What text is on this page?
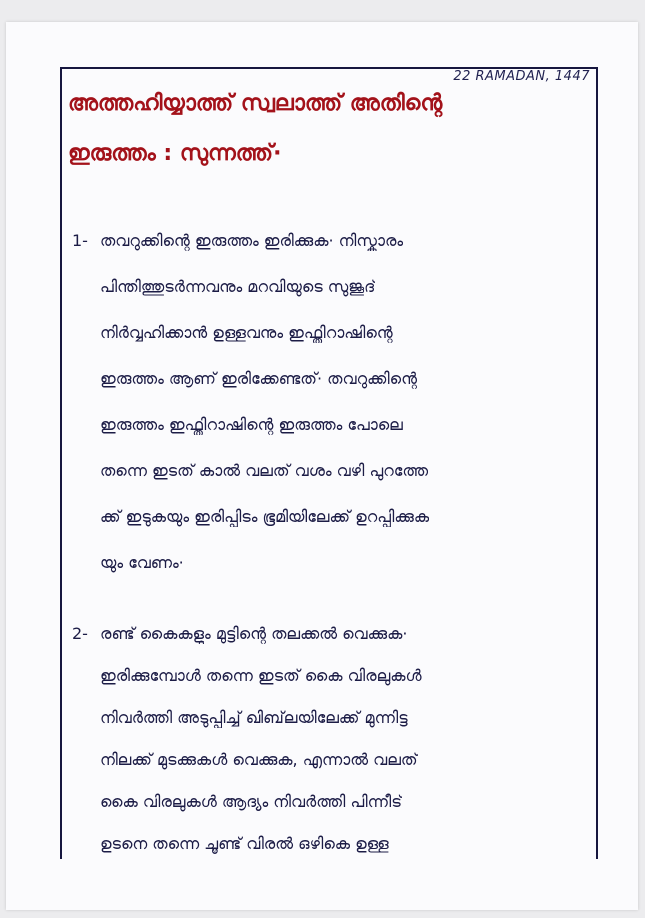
22 RAMADAN, 1447
അത്തഹിയ്യാത്ത് സ്വലാത്ത് അതിന്റെ
ഇരുത്തം : സുന്നത്ത്·
1- തവറുക്കിന്റെ ഇരുത്തം ഇരിക്കുക· നിസ്കാരം
പിന്തിത്തുടർന്നവനും മറവിയുടെ സുജൂദ്
നിർവ്വഹിക്കാൻ ഉള്ളവനും ഇഫ്തിറാഷിന്റെ
ഇരുത്തം ആണ് ഇരിക്കേണ്ടത്· തവറുക്കിന്റെ
ഇരുത്തം ഇഫ്തിറാഷിന്റെ ഇരുത്തം പോലെ
തന്നെ ഇടത് കാൽ വലത് വശം വഴി പുറത്തേ
ക്ക് ഇടുകയും ഇരിപ്പിടം ഭൂമിയിലേക്ക് ഉറപ്പിക്കുക
യും വേണം·
2- രണ്ട് കൈകളും മുട്ടിന്റെ തലക്കൽ വെക്കുക·
ഇരിക്കുമ്പോൾ തന്നെ ഇടത് കൈ വിരലുകൾ
നിവർത്തി അടുപ്പിച്ച് ഖിബ്‌ലയിലേക്ക് മുന്നിട്ട
നിലക്ക് മുടക്കുകൾ വെക്കുക, എന്നാൽ വലത്
കൈ വിരലുകൾ ആദ്യം നിവർത്തി പിന്നീട്
ഉടനെ തന്നെ ചൂണ്ട് വിരൽ ഒഴികെ ഉള്ള
